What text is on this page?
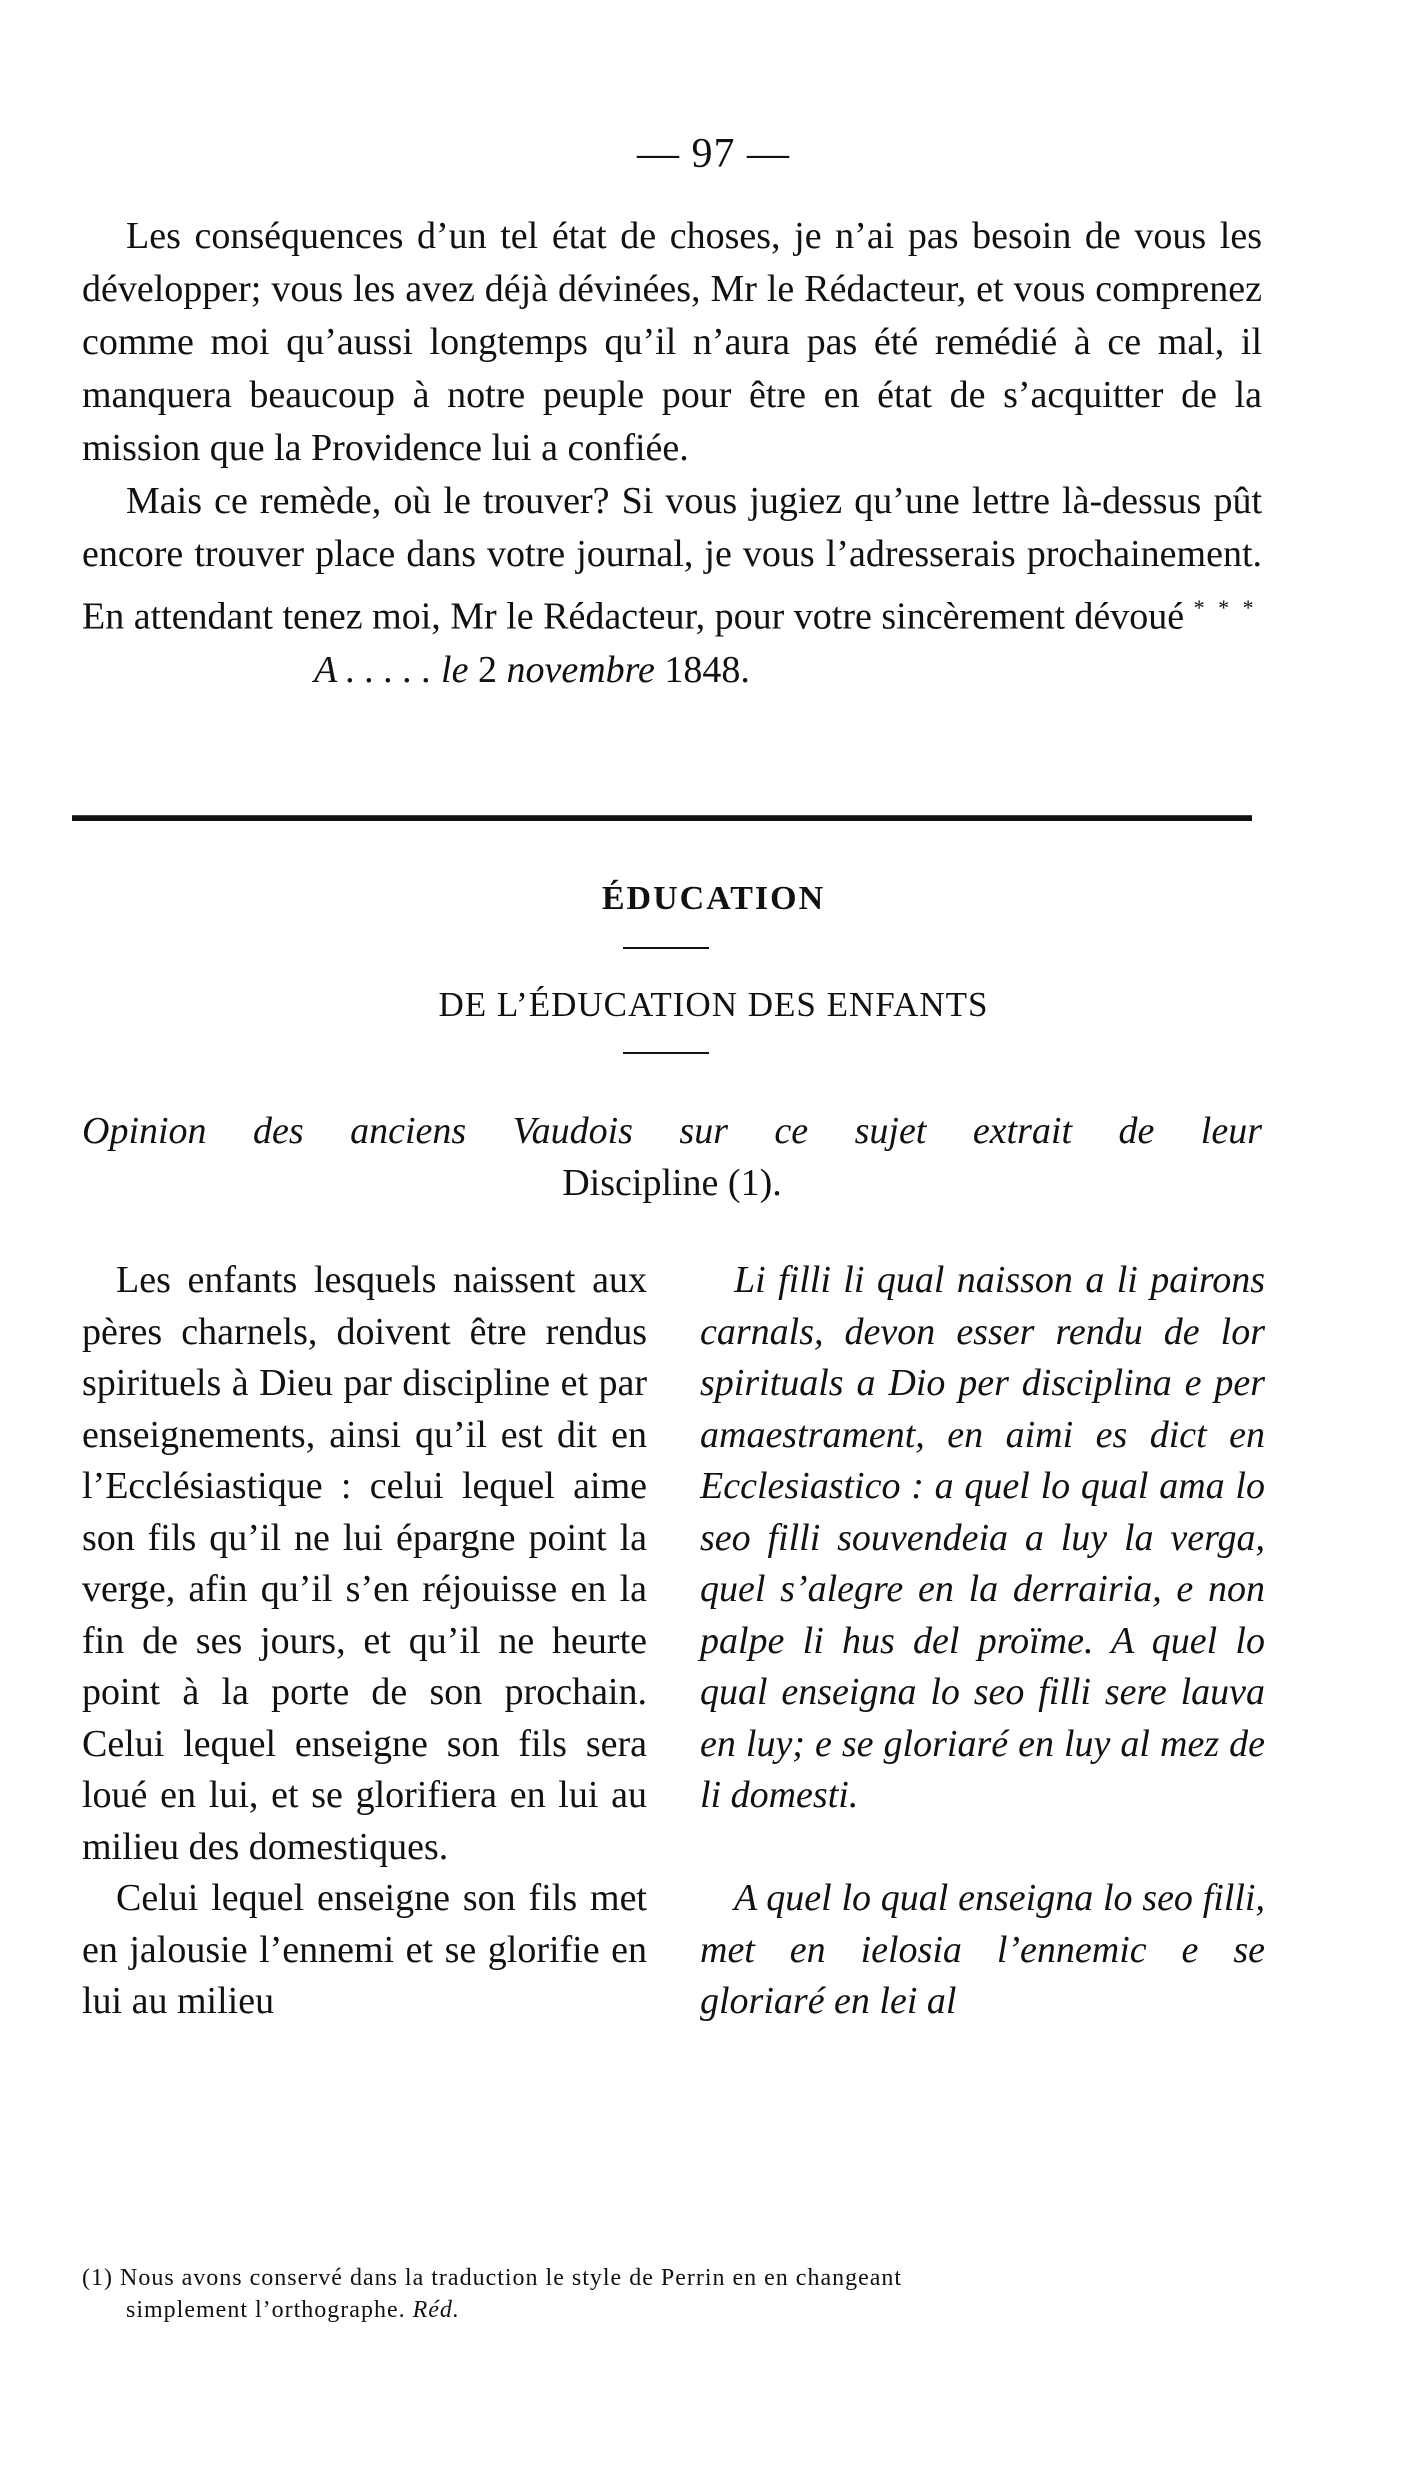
— 97 —

Les conséquences d’un tel état de choses, je n’ai pas besoin de vous les développer; vous les avez déjà dévinées, Mr le Rédacteur, et vous comprenez comme moi qu’aussi longtemps qu’il n’aura pas été remédié à ce mal, il manquera beaucoup à notre peuple pour être en état de s’acquitter de la mission que la Providence lui a confiée.

Mais ce remède, où le trouver? Si vous jugiez qu’une lettre là-dessus pût encore trouver place dans votre journal, je vous l’adresserais prochainement. En attendant tenez moi, Mr le Rédacteur, pour votre sincèrement dévoué * * *

A . . . . . le 2 novembre 1848.

ÉDUCATION
DE L’ÉDUCATION DES ENFANTS
Opinion des anciens Vaudois sur ce sujet extrait de leur
Discipline (1).

Les enfants lesquels naissent aux pères charnels, doivent être rendus spirituels à Dieu par discipline et par enseignements, ainsi qu’il est dit en l’Ecclésiastique : celui lequel aime son fils qu’il ne lui épargne point la verge, afin qu’il s’en réjouisse en la fin de ses jours, et qu’il ne heurte point à la porte de son prochain. Celui lequel enseigne son fils sera loué en lui, et se glorifiera en lui au milieu des domestiques.

Celui lequel enseigne son fils met en jalousie l’ennemi et se glorifie en lui au milieu

Li filli li qual naisson a li pairons carnals, devon esser rendu de lor spirituals a Dio per disciplina e per amaestrament, en aimi es dict en Ecclesiastico : a quel lo qual ama lo seo filli souvendeia a luy la verga, quel s’alegre en la derrairia, e non palpe li hus del proïme. A quel lo qual enseigna lo seo filli sere lauva en luy; e se gloriaré en luy al mez de li domesti.

A quel lo qual enseigna lo seo filli, met en ielosia l’ennemic e se gloriaré en lei al

(1) Nous avons conservé dans la traduction le style de Perrin en en changeant
simplement l’orthographe. Réd.
